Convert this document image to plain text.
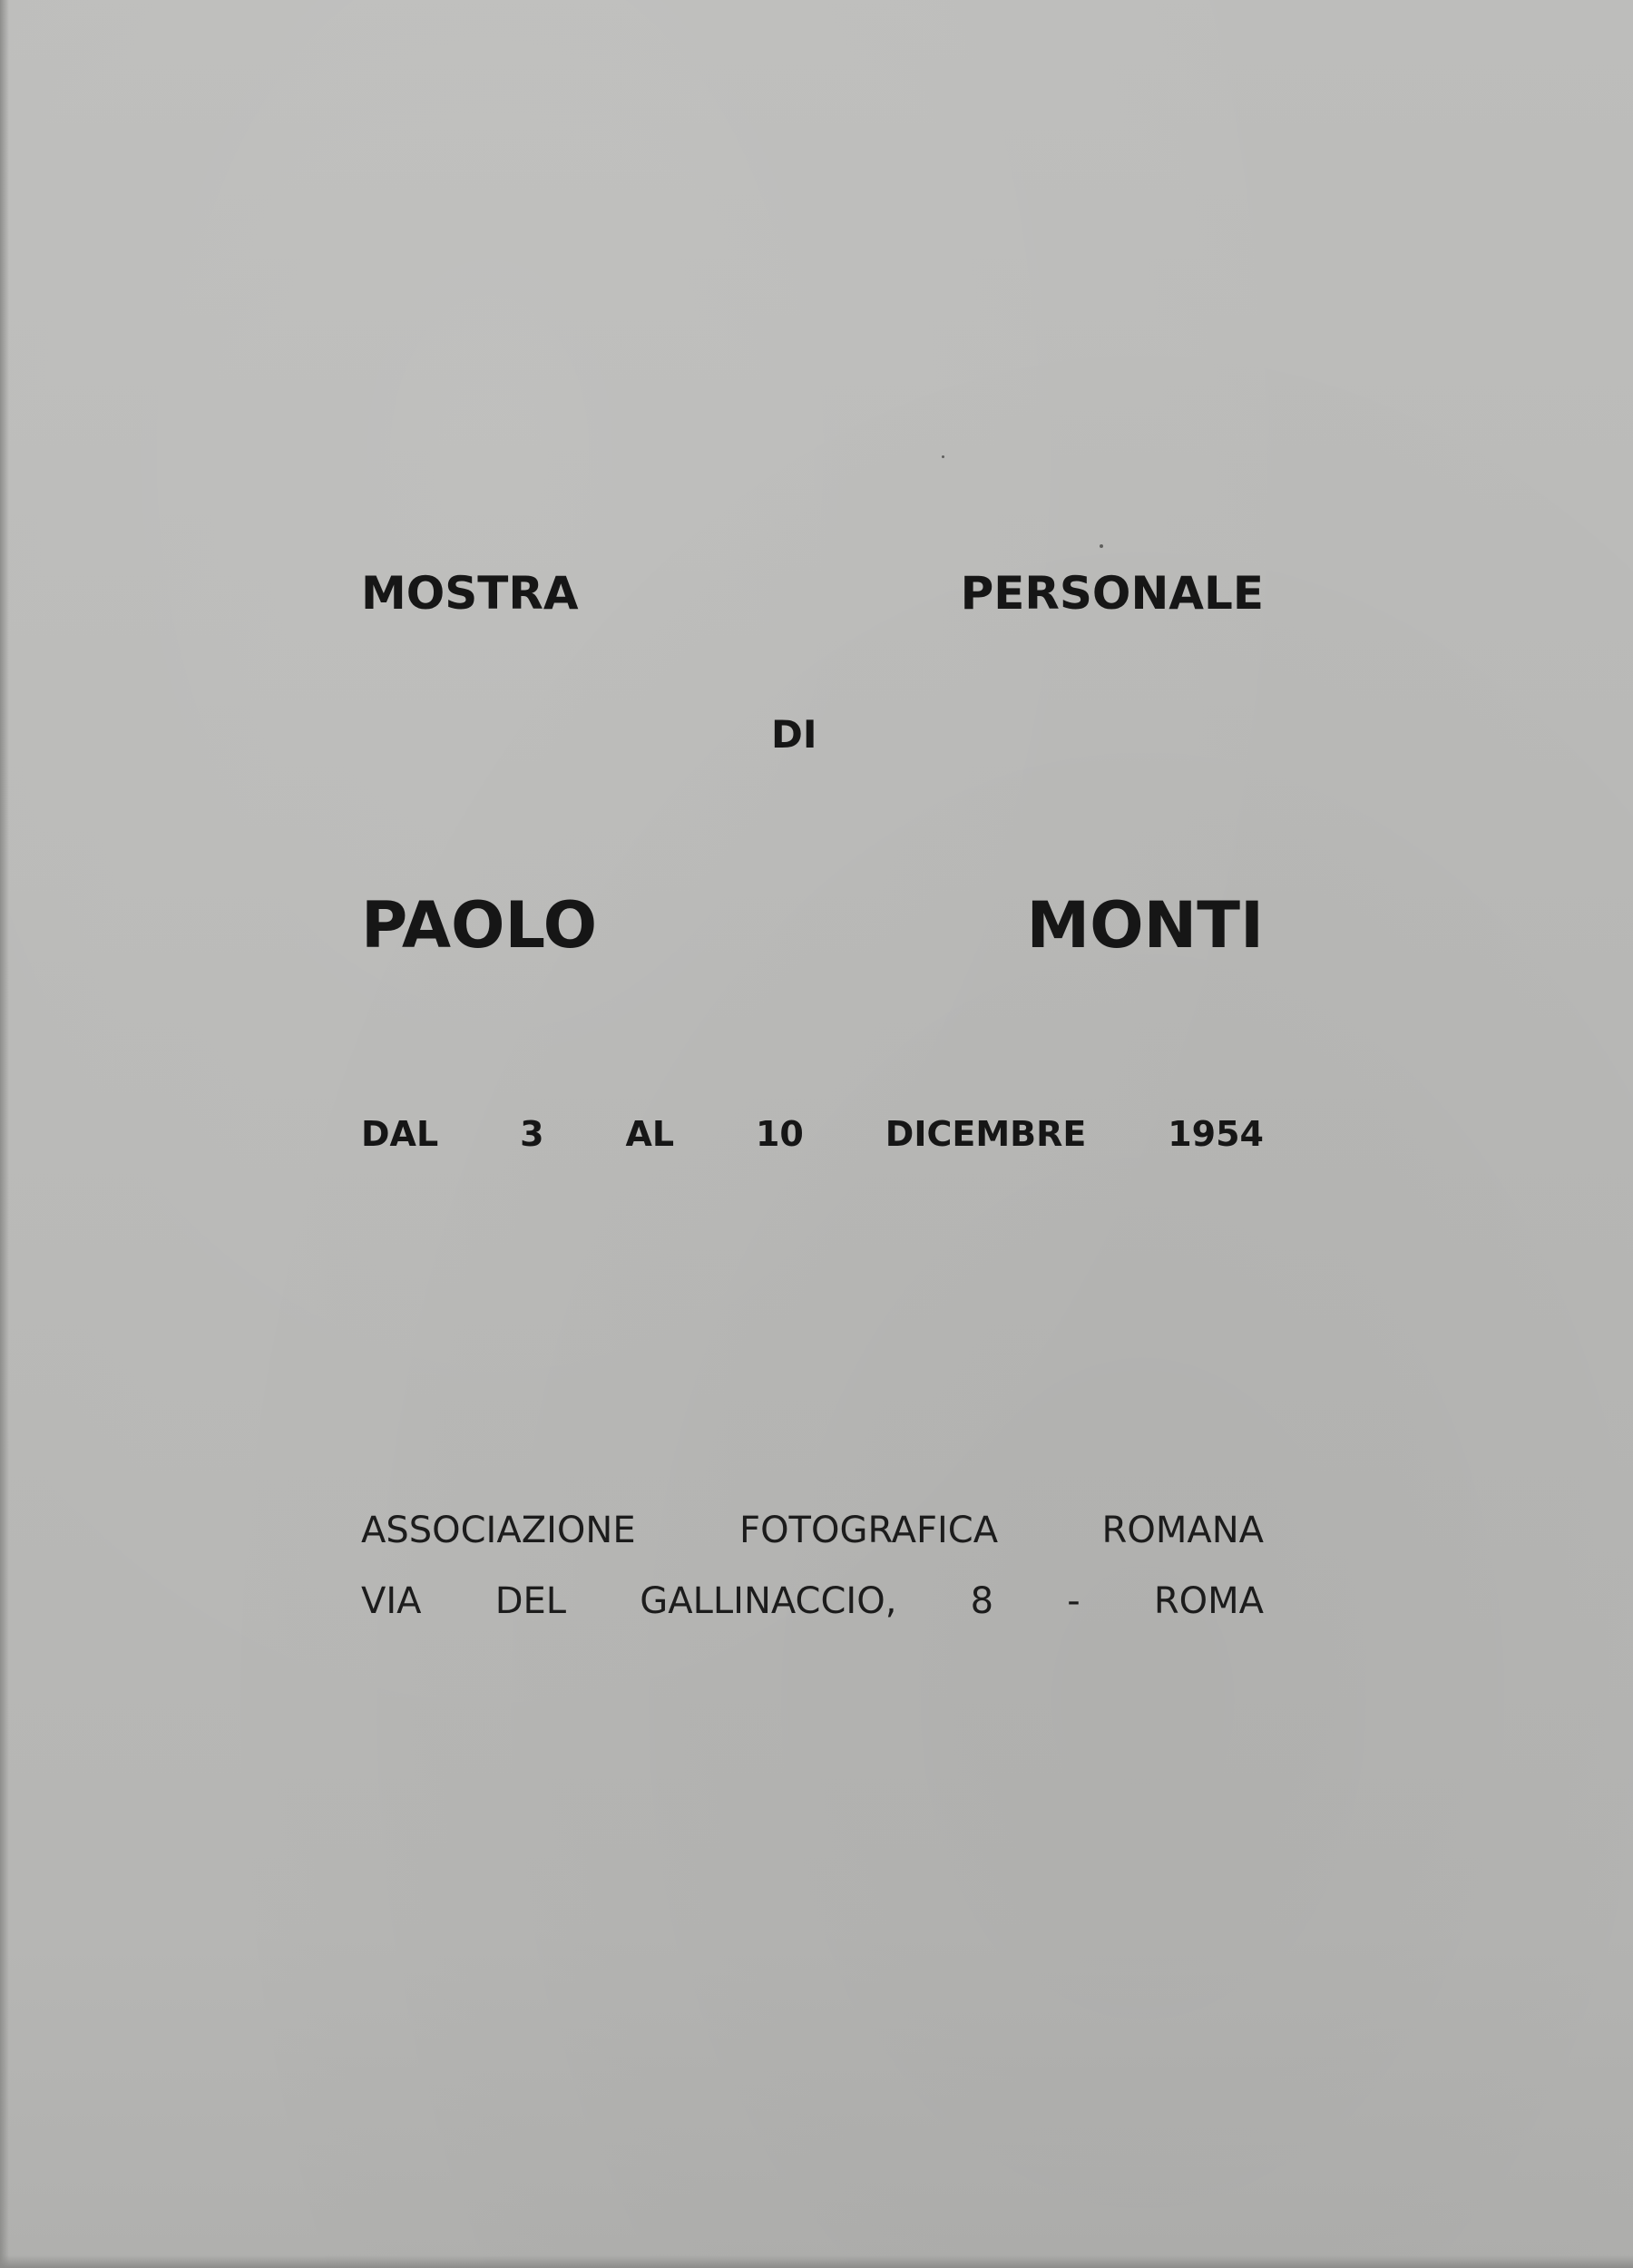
MOSTRA PERSONALE
DI
PAOLO MONTI
DAL 3 AL 10 DICEMBRE 1954
ASSOCIAZIONE FOTOGRAFICA ROMANA
VIA DEL GALLINACCIO, 8 - ROMA
